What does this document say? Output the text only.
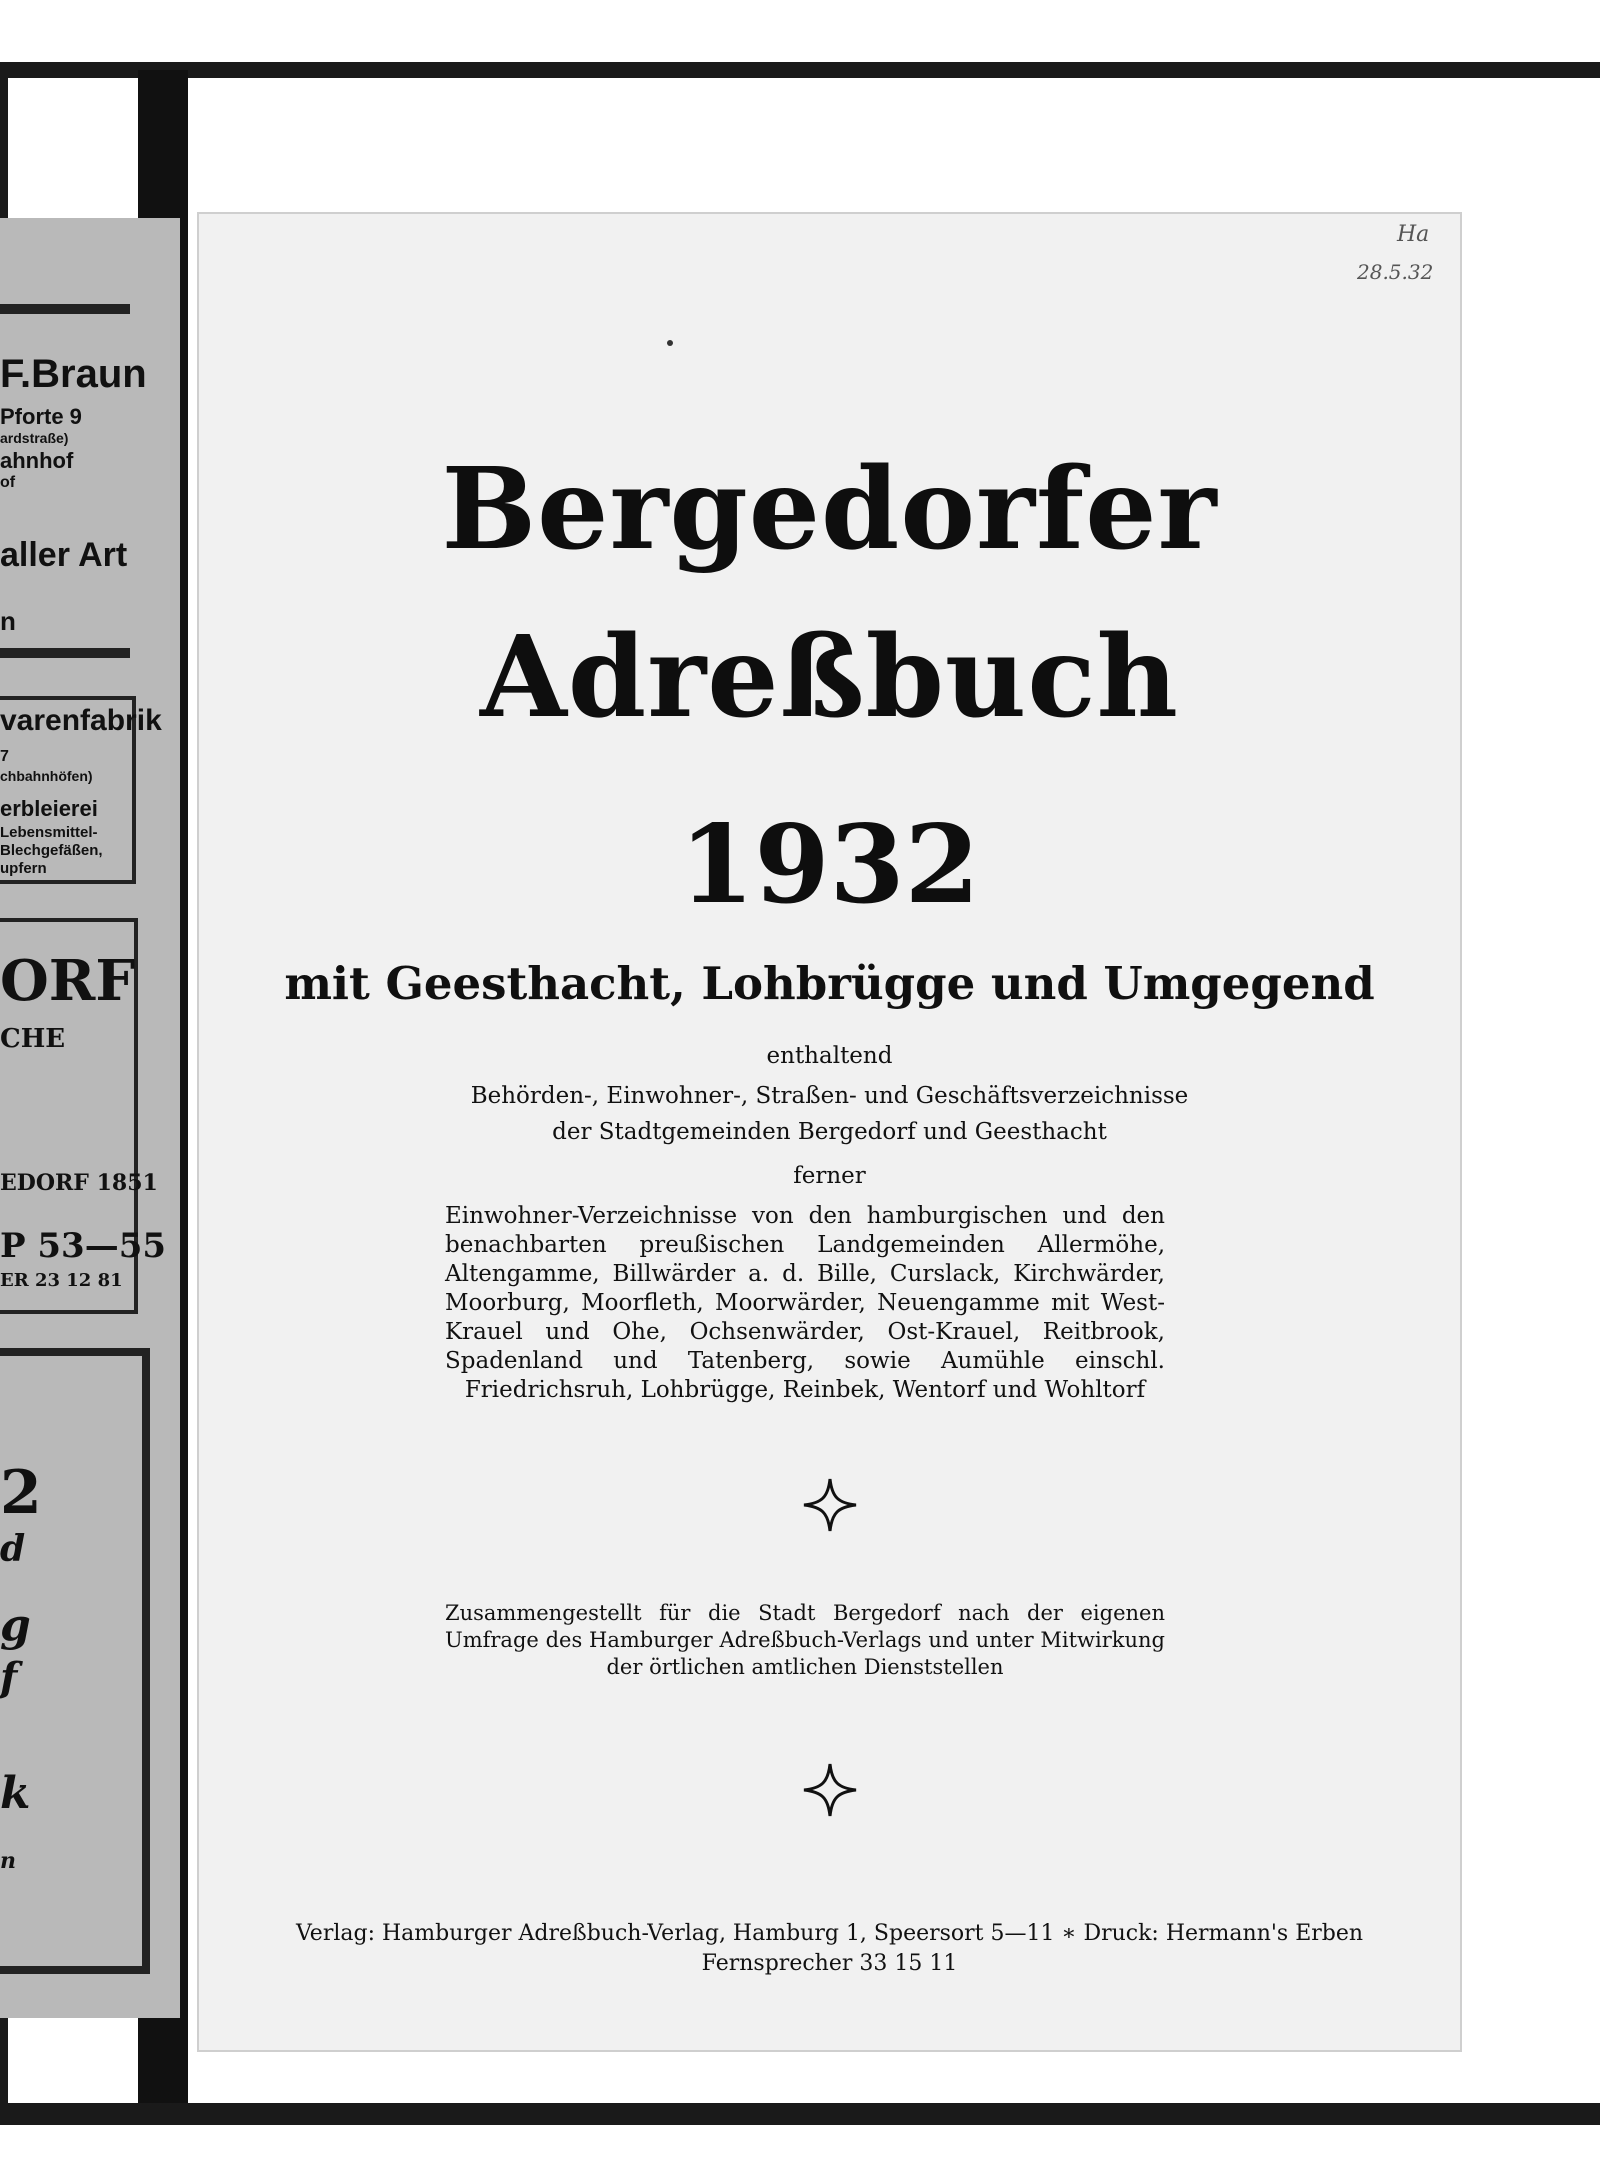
F.Braun
Pforte 9
ardstraße)
ahnhof
of
aller Art
n
varenfabrik
7
chbahnhöfen)
erbleierei
Lebensmittel-
Blechgefäßen,
upfern
ORF
CHE
EDORF 1851
P 53—55
ER 23 12 81
2
d
g
f
k
n
Ha
28.5.32
Bergedorfer
Adreßbuch
1932
mit Geesthacht, Lohbrügge und Umgegend
enthaltend
Behörden-, Einwohner-, Straßen- und Geschäftsverzeichnisse
der Stadtgemeinden Bergedorf und Geesthacht
ferner
Einwohner-Verzeichnisse von den hamburgischen und den benachbarten preußischen Landgemeinden Allermöhe, Altengamme, Billwärder a. d. Bille, Curslack, Kirchwärder, Moorburg, Moorfleth, Moorwärder, Neuengamme mit West-Krauel und Ohe, Ochsenwärder, Ost-Krauel, Reitbrook, Spadenland und Tatenberg, sowie Aumühle einschl. Friedrichsruh, Lohbrügge, Reinbek, Wentorf und Wohltorf
Zusammengestellt für die Stadt Bergedorf nach der eigenen Umfrage des Hamburger Adreßbuch-Verlags und unter Mitwirkung der örtlichen amtlichen Dienststellen
Verlag: Hamburger Adreßbuch-Verlag, Hamburg 1, Speersort 5—11 ∗ Druck: Hermann's Erben
Fernsprecher 33 15 11
